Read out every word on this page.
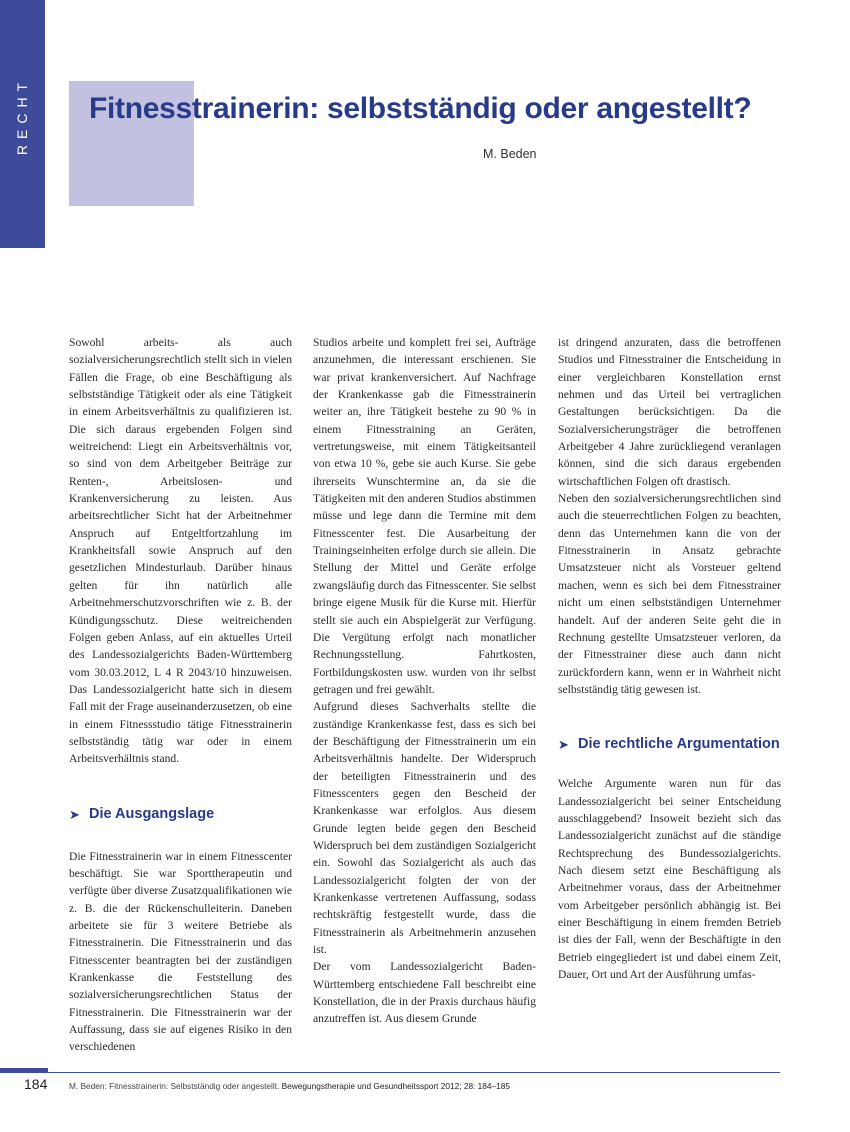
RECHT Fitnesstrainerin: selbstständig oder angestellt?
M. Beden

Sowohl arbeits- als auch sozialversicherungsrechtlich stellt sich in vielen Fällen die Frage, ob eine Beschäftigung als selbstständige Tätigkeit oder als eine Tätigkeit in einem Arbeitsverhältnis zu qualifizieren ist. Die sich daraus ergebenden Folgen sind weitreichend: Liegt ein Arbeitsverhältnis vor, so sind von dem Arbeitgeber Beiträge zur Renten-, Arbeitslosen- und Krankenversicherung zu leisten. Aus arbeitsrechtlicher Sicht hat der Arbeitnehmer Anspruch auf Entgeltfortzahlung im Krankheitsfall sowie Anspruch auf den gesetzlichen Mindesturlaub. Darüber hinaus gelten für ihn natürlich alle Arbeitnehmerschutzvorschriften wie z. B. der Kündigungsschutz. Diese weitreichenden Folgen geben Anlass, auf ein aktuelles Urteil des Landessozialgerichts Baden-Württemberg vom 30.03.2012, L 4 R 2043/10 hinzuweisen. Das Landessozialgericht hatte sich in diesem Fall mit der Frage auseinanderzusetzen, ob eine in einem Fitnessstudio tätige Fitnesstrainerin selbstständig tätig war oder in einem Arbeitsverhältnis stand.

➤ Die Ausgangslage

Die Fitnesstrainerin war in einem Fitnesscenter beschäftigt. Sie war Sporttherapeutin und verfügte über diverse Zusatzqualifikationen wie z. B. die der Rückenschulleiterin. Daneben arbeitete sie für 3 weitere Betriebe als Fitnesstrainerin. Die Fitnesstrainerin und das Fitnesscenter beantragten bei der zuständigen Krankenkasse die Feststellung des sozialversicherungsrechtlichen Status der Fitnesstrainerin. Die Fitnesstrainerin war der Auffassung, dass sie auf eigenes Risiko in den verschiedenen

Studios arbeite und komplett frei sei, Aufträge anzunehmen, die interessant erschienen. Sie war privat krankenversichert. Auf Nachfrage der Krankenkasse gab die Fitnesstrainerin weiter an, ihre Tätigkeit bestehe zu 90 % in einem Fitnesstraining an Geräten, vertretungsweise, mit einem Tätigkeitsanteil von etwa 10 %, gebe sie auch Kurse. Sie gebe ihrerseits Wunschtermine an, da sie die Tätigkeiten mit den anderen Studios abstimmen müsse und lege dann die Termine mit dem Fitnesscenter fest. Die Ausarbeitung der Trainingseinheiten erfolge durch sie allein. Die Stellung der Mittel und Geräte erfolge zwangsläufig durch das Fitnesscenter. Sie selbst bringe eigene Musik für die Kurse mit. Hierfür stellt sie auch ein Abspielgerät zur Verfügung. Die Vergütung erfolgt nach monatlicher Rechnungsstellung. Fahrtkosten, Fortbildungskosten usw. wurden von ihr selbst getragen und frei gewählt.

Aufgrund dieses Sachverhalts stellte die zuständige Krankenkasse fest, dass es sich bei der Beschäftigung der Fitnesstrainerin um ein Arbeitsverhältnis handelte. Der Widerspruch der beteiligten Fitnesstrainerin und des Fitnesscenters gegen den Bescheid der Krankenkasse war erfolglos. Aus diesem Grunde legten beide gegen den Bescheid Widerspruch bei dem zuständigen Sozialgericht ein. Sowohl das Sozialgericht als auch das Landessozialgericht folgten der von der Krankenkasse vertretenen Auffassung, sodass rechtskräftig festgestellt wurde, dass die Fitnesstrainerin als Arbeitnehmerin anzusehen ist.

Der vom Landessozialgericht Baden-Württemberg entschiedene Fall beschreibt eine Konstellation, die in der Praxis durchaus häufig anzutreffen ist. Aus diesem Grunde

ist dringend anzuraten, dass die betroffenen Studios und Fitnesstrainer die Entscheidung in einer vergleichbaren Konstellation ernst nehmen und das Urteil bei vertraglichen Gestaltungen berücksichtigen. Da die Sozialversicherungsträger die betroffenen Arbeitgeber 4 Jahre zurückliegend veranlagen können, sind die sich daraus ergebenden wirtschaftlichen Folgen oft drastisch.

Neben den sozialversicherungsrechtlichen sind auch die steuerrechtlichen Folgen zu beachten, denn das Unternehmen kann die von der Fitnesstrainerin in Ansatz gebrachte Umsatzsteuer nicht als Vorsteuer geltend machen, wenn es sich bei dem Fitnesstrainer nicht um einen selbstständigen Unternehmer handelt. Auf der anderen Seite geht die in Rechnung gestellte Umsatzsteuer verloren, da der Fitnesstrainer diese auch dann nicht zurückfordern kann, wenn er in Wahrheit nicht selbstständig tätig gewesen ist.

➤ Die rechtliche Argumentation

Welche Argumente waren nun für das Landessozialgericht bei seiner Entscheidung ausschlaggebend? Insoweit bezieht sich das Landessozialgericht zunächst auf die ständige Rechtsprechung des Bundessozialgerichts. Nach diesem setzt eine Beschäftigung als Arbeitnehmer voraus, dass der Arbeitnehmer vom Arbeitgeber persönlich abhängig ist. Bei einer Beschäftigung in einem fremden Betrieb ist dies der Fall, wenn der Beschäftigte in den Betrieb eingegliedert ist und dabei einem Zeit, Dauer, Ort und Art der Ausführung umfas-

184	M. Beden: Fitnesstrainerin: Selbstständig oder angestellt. Bewegungstherapie und Gesundheitssport 2012; 28: 184–185
